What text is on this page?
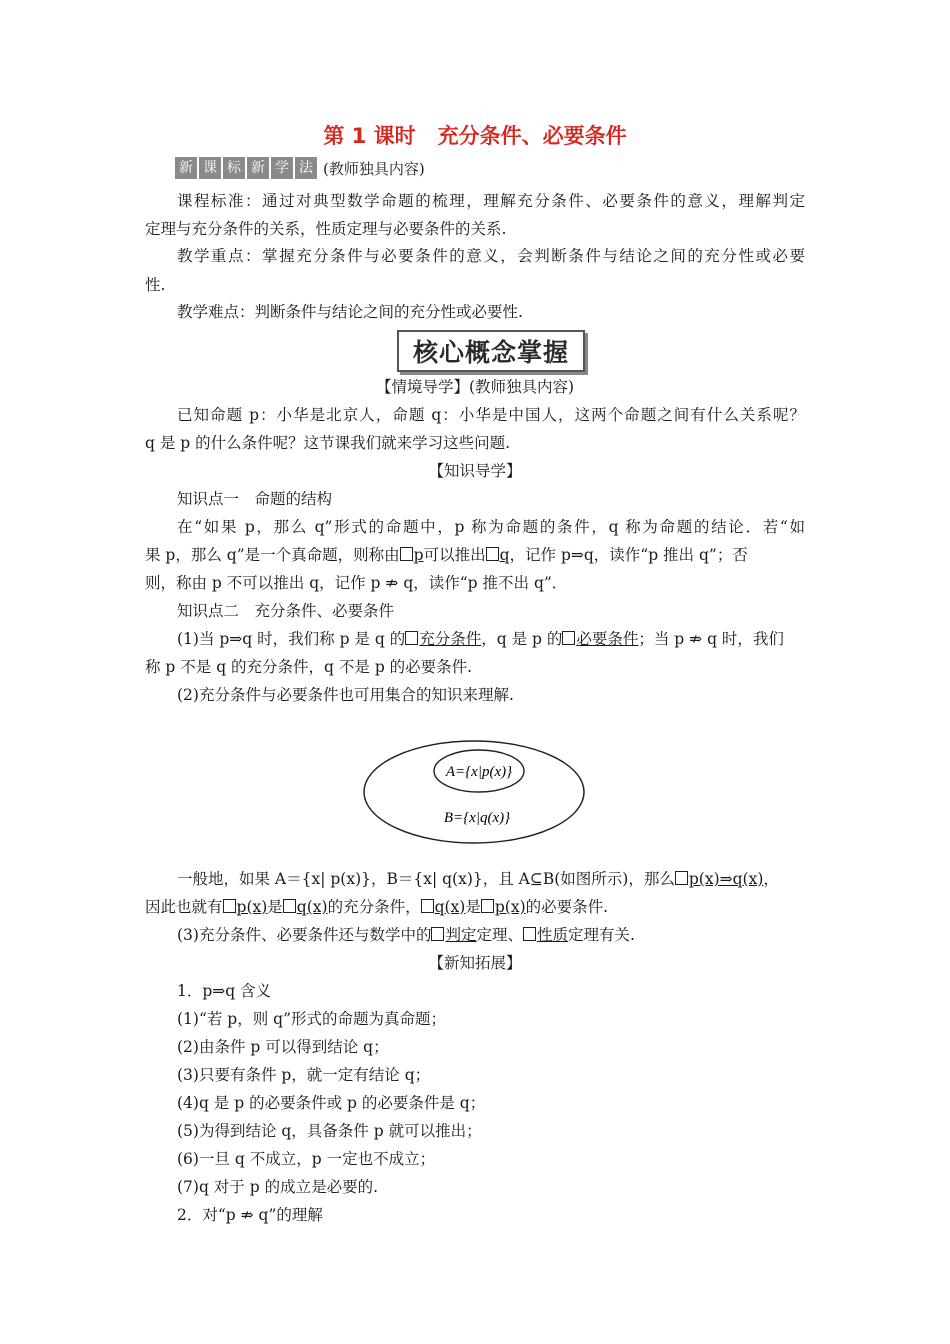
第 1 课时 充分条件、必要条件
新 课 标 新 学 法 (教师独具内容)
课程标准：通过对典型数学命题的梳理，理解充分条件、必要条件的意义，理解判定
定理与充分条件的关系，性质定理与必要条件的关系.
教学重点：掌握充分条件与必要条件的意义，会判断条件与结论之间的充分性或必要
性.
教学难点：判断条件与结论之间的充分性或必要性.
核心概念掌握
【情境导学】(教师独具内容)
已知命题 p：小华是北京人，命题 q：小华是中国人，这两个命题之间有什么关系呢？
q 是 p 的什么条件呢？这节课我们就来学习这些问题.
【知识导学】
知识点一　命题的结构
在“如果 p，那么 q”形式的命题中，p 称为命题的条件，q 称为命题的结论．若“如
果 p，那么 q”是一个真命题，则称由 p可以推出 q，记作 p⇒q，读作“p 推出 q”；否
则，称由 p 不可以推出 q，记作 p ⇏ q，读作“p 推不出 q”．
知识点二　充分条件、必要条件
(1)当 p⇒q 时，我们称 p 是 q 的 充分条件，q 是 p 的 必要条件；当 p ⇏ q 时，我们
称 p 不是 q 的充分条件，q 不是 p 的必要条件.
(2)充分条件与必要条件也可用集合的知识来理解.
A={x|p(x)}
B={x|q(x)}
一般地，如果 A＝{x| p(x)}，B＝{x| q(x)}，且 A⊆B(如图所示)，那么 p(x)⇒q(x)，
因此也就有 p(x)是 q(x)的充分条件， q(x)是 p(x)的必要条件.
(3)充分条件、必要条件还与数学中的 判定定理、 性质定理有关.
【新知拓展】
1．p⇒q 含义
(1)“若 p，则 q”形式的命题为真命题；
(2)由条件 p 可以得到结论 q；
(3)只要有条件 p，就一定有结论 q；
(4)q 是 p 的必要条件或 p 的必要条件是 q；
(5)为得到结论 q，具备条件 p 就可以推出；
(6)一旦 q 不成立，p 一定也不成立；
(7)q 对于 p 的成立是必要的.
2．对“p ⇏ q”的理解
